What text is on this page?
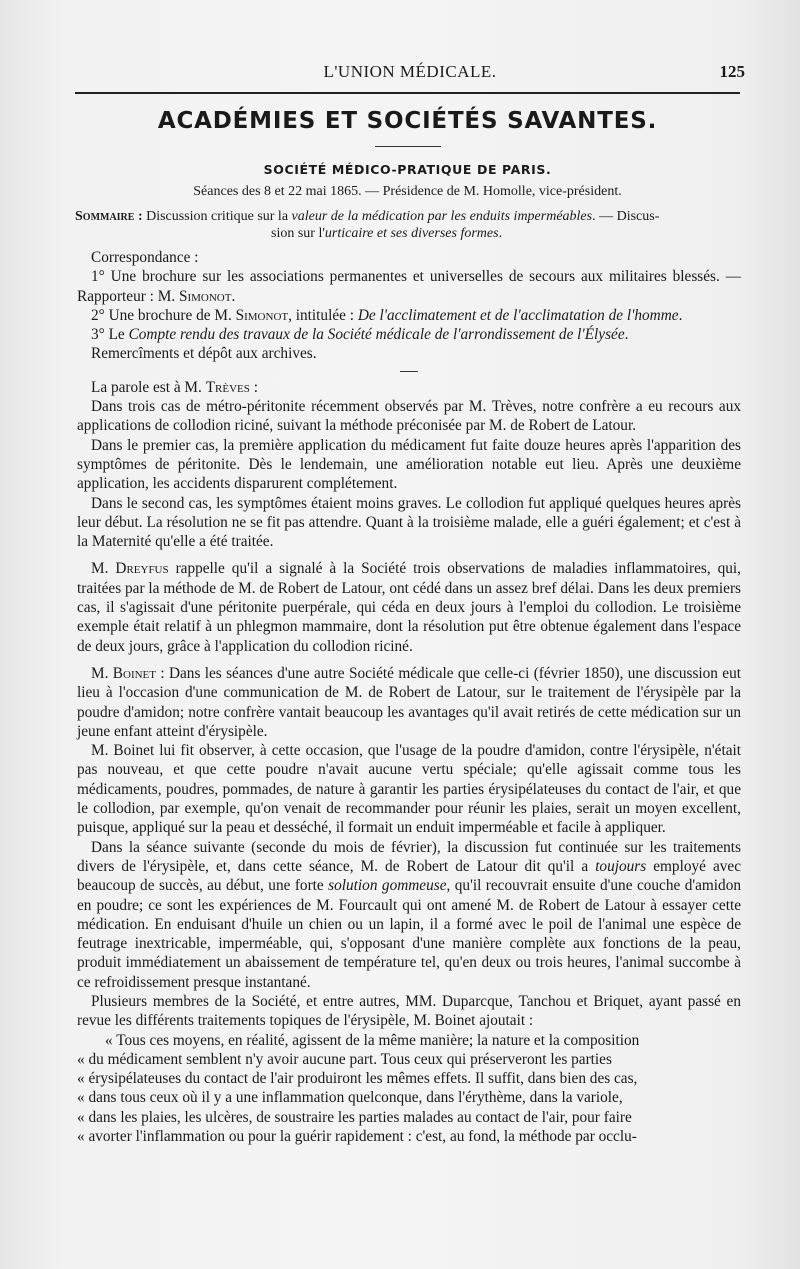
L'UNION MÉDICALE.	125
ACADÉMIES ET SOCIÉTÉS SAVANTES.
SOCIÉTÉ MÉDICO-PRATIQUE DE PARIS.
Séances des 8 et 22 mai 1865. — Présidence de M. Homolle, vice-président.
Sommaire : Discussion critique sur la valeur de la médication par les enduits imperméables. — Discus-
sion sur l'urticaire et ses diverses formes.

Correspondance :

1° Une brochure sur les associations permanentes et universelles de secours aux militaires blessés. — Rapporteur : M. Simonot.

2° Une brochure de M. Simonot, intitulée : De l'acclimatement et de l'acclimatation de l'homme.

3° Le Compte rendu des travaux de la Société médicale de l'arrondissement de l'Élysée.

Remercîments et dépôt aux archives.

La parole est à M. Trèves :

Dans trois cas de métro-péritonite récemment observés par M. Trèves, notre confrère a eu recours aux applications de collodion riciné, suivant la méthode préconisée par M. de Robert de Latour.

Dans le premier cas, la première application du médicament fut faite douze heures après l'apparition des symptômes de péritonite. Dès le lendemain, une amélioration notable eut lieu. Après une deuxième application, les accidents disparurent complétement.

Dans le second cas, les symptômes étaient moins graves. Le collodion fut appliqué quelques heures après leur début. La résolution ne se fit pas attendre. Quant à la troisième malade, elle a guéri également; et c'est à la Maternité qu'elle a été traitée.

M. Dreyfus rappelle qu'il a signalé à la Société trois observations de maladies inflammatoires, qui, traitées par la méthode de M. de Robert de Latour, ont cédé dans un assez bref délai. Dans les deux premiers cas, il s'agissait d'une péritonite puerpérale, qui céda en deux jours à l'emploi du collodion. Le troisième exemple était relatif à un phlegmon mammaire, dont la résolution put être obtenue également dans l'espace de deux jours, grâce à l'application du collodion riciné.

M. Boinet : Dans les séances d'une autre Société médicale que celle-ci (février 1850), une discussion eut lieu à l'occasion d'une communication de M. de Robert de Latour, sur le traitement de l'érysipèle par la poudre d'amidon; notre confrère vantait beaucoup les avantages qu'il avait retirés de cette médication sur un jeune enfant atteint d'érysipèle.

M. Boinet lui fit observer, à cette occasion, que l'usage de la poudre d'amidon, contre l'érysipèle, n'était pas nouveau, et que cette poudre n'avait aucune vertu spéciale; qu'elle agissait comme tous les médicaments, poudres, pommades, de nature à garantir les parties érysipélateuses du contact de l'air, et que le collodion, par exemple, qu'on venait de recommander pour réunir les plaies, serait un moyen excellent, puisque, appliqué sur la peau et desséché, il formait un enduit imperméable et facile à appliquer.

Dans la séance suivante (seconde du mois de février), la discussion fut continuée sur les traitements divers de l'érysipèle, et, dans cette séance, M. de Robert de Latour dit qu'il a toujours employé avec beaucoup de succès, au début, une forte solution gommeuse, qu'il recouvrait ensuite d'une couche d'amidon en poudre; ce sont les expériences de M. Fourcault qui ont amené M. de Robert de Latour à essayer cette médication. En enduisant d'huile un chien ou un lapin, il a formé avec le poil de l'animal une espèce de feutrage inextricable, imperméable, qui, s'opposant d'une manière complète aux fonctions de la peau, produit immédiatement un abaissement de température tel, qu'en deux ou trois heures, l'animal succombe à ce refroidissement presque instantané.

Plusieurs membres de la Société, et entre autres, MM. Duparcque, Tanchou et Briquet, ayant passé en revue les différents traitements topiques de l'érysipèle, M. Boinet ajoutait :

« Tous ces moyens, en réalité, agissent de la même manière; la nature et la composition

« du médicament semblent n'y avoir aucune part. Tous ceux qui préserveront les parties

« érysipélateuses du contact de l'air produiront les mêmes effets. Il suffit, dans bien des cas,

« dans tous ceux où il y a une inflammation quelconque, dans l'érythème, dans la variole,

« dans les plaies, les ulcères, de soustraire les parties malades au contact de l'air, pour faire

« avorter l'inflammation ou pour la guérir rapidement : c'est, au fond, la méthode par occlu-
